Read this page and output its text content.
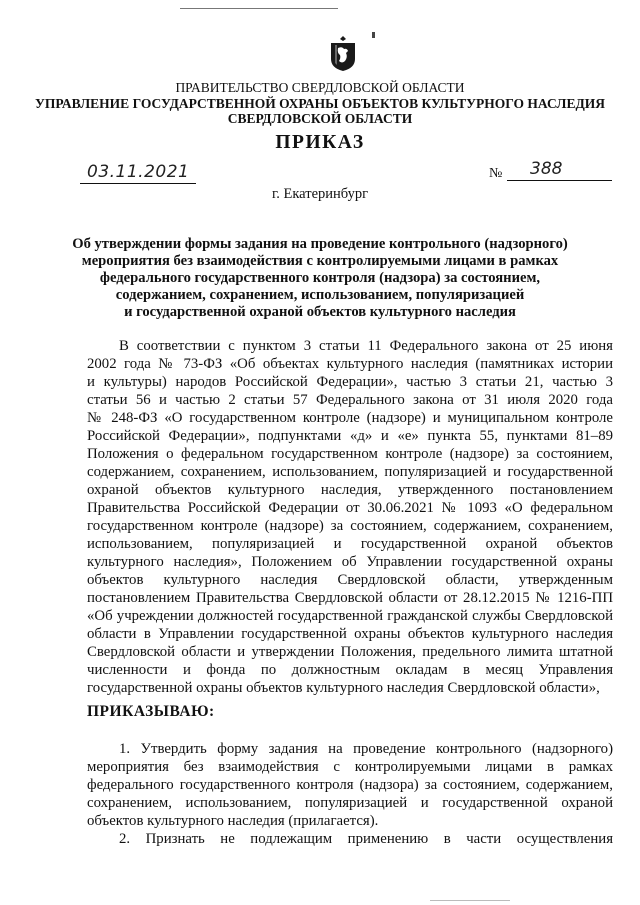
ПРАВИТЕЛЬСТВО СВЕРДЛОВСКОЙ ОБЛАСТИ
УПРАВЛЕНИЕ ГОСУДАРСТВЕННОЙ ОХРАНЫ ОБЪЕКТОВ КУЛЬТУРНОГО НАСЛЕДИЯ
СВЕРДЛОВСКОЙ ОБЛАСТИ
ПРИКАЗ
03.11.2021	№ 388
г. Екатеринбург
Об утверждении формы задания на проведение контрольного (надзорного)
мероприятия без взаимодействия с контролируемыми лицами в рамках
федерального государственного контроля (надзора) за состоянием,
содержанием, сохранением, использованием, популяризацией
и государственной охраной объектов культурного наследия
В соответствии с пунктом 3 статьи 11 Федерального закона от 25 июня
2002 года № 73-ФЗ «Об объектах культурного наследия (памятниках истории
и культуры) народов Российской Федерации», частью 3 статьи 21, частью 3
статьи 56 и частью 2 статьи 57 Федерального закона от 31 июля 2020 года
№ 248-ФЗ «О государственном контроле (надзоре) и муниципальном контроле
Российской Федерации», подпунктами «д» и «е» пункта 55, пунктами 81–89
Положения о федеральном государственном контроле (надзоре) за состоянием,
содержанием, сохранением, использованием, популяризацией и государственной
охраной объектов культурного наследия, утвержденного постановлением
Правительства Российской Федерации от 30.06.2021 № 1093 «О федеральном
государственном контроле (надзоре) за состоянием, содержанием, сохранением,
использованием, популяризацией и государственной охраной объектов
культурного наследия», Положением об Управлении государственной охраны
объектов культурного наследия Свердловской области, утвержденным
постановлением Правительства Свердловской области от 28.12.2015 № 1216-ПП
«Об учреждении должностей государственной гражданской службы Свердловской
области в Управлении государственной охраны объектов культурного наследия
Свердловской области и утверждении Положения, предельного лимита штатной
численности и фонда по должностным окладам в месяц Управления
государственной охраны объектов культурного наследия Свердловской области»,
ПРИКАЗЫВАЮ:
1. Утвердить форму задания на проведение контрольного (надзорного)
мероприятия без взаимодействия с контролируемыми лицами в рамках
федерального государственного контроля (надзора) за состоянием, содержанием,
сохранением, использованием, популяризацией и государственной охраной
объектов культурного наследия (прилагается).
2. Признать не подлежащим применению в части осуществления
